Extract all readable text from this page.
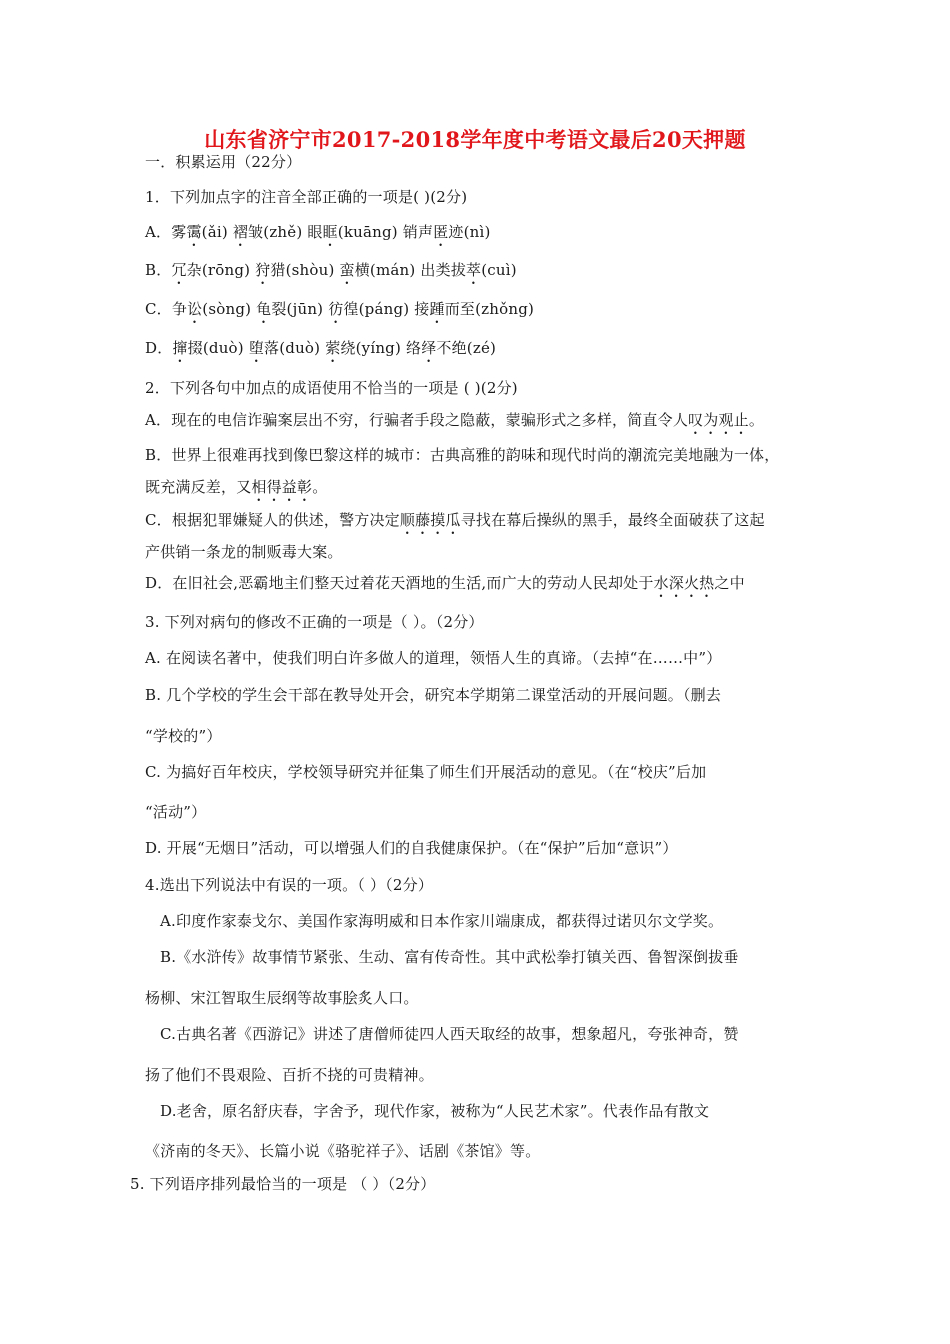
山东省济宁市2017-2018学年度中考语文最后20天押题
一．积累运用（22分）
1．下列加点字的注音全部正确的一项是( )(2分)
A．雾霭(ǎi) 褶皱(zhě) 眼眶(kuāng) 销声匿迹(nì)
B．冗杂(rōng) 狩猎(shòu) 蛮横(mán) 出类拔萃(cuì)
C．争讼(sòng) 龟裂(jūn) 彷徨(páng) 接踵而至(zhǒng)
D．撺掇(duò) 堕落(duò) 萦绕(yíng) 络绎不绝(zé)
2．下列各句中加点的成语使用不恰当的一项是 ( )(2分)
A．现在的电信诈骗案层出不穷，行骗者手段之隐蔽，蒙骗形式之多样，简直令人叹为观止。
B．世界上很难再找到像巴黎这样的城市：古典高雅的韵味和现代时尚的潮流完美地融为一体，
既充满反差，又相得益彰。
C．根据犯罪嫌疑人的供述，警方决定顺藤摸瓜寻找在幕后操纵的黑手，最终全面破获了这起
产供销一条龙的制贩毒大案。
D．在旧社会,恶霸地主们整天过着花天酒地的生活,而广大的劳动人民却处于水深火热之中
3. 下列对病句的修改不正确的一项是（ ）。（2分）
A. 在阅读名著中，使我们明白许多做人的道理，领悟人生的真谛。（去掉“在……中”）
B. 几个学校的学生会干部在教导处开会，研究本学期第二课堂活动的开展问题。（删去
“学校的”）
C. 为搞好百年校庆，学校领导研究并征集了师生们开展活动的意见。（在“校庆”后加
“活动”）
D. 开展“无烟日”活动，可以增强人们的自我健康保护。（在“保护”后加“意识”）
4.选出下列说法中有误的一项。（ ）（2分）
A.印度作家泰戈尔、美国作家海明威和日本作家川端康成，都获得过诺贝尔文学奖。
B.《水浒传》故事情节紧张、生动、富有传奇性。其中武松拳打镇关西、鲁智深倒拔垂
杨柳、宋江智取生辰纲等故事脍炙人口。
C.古典名著《西游记》讲述了唐僧师徒四人西天取经的故事，想象超凡，夸张神奇，赞
扬了他们不畏艰险、百折不挠的可贵精神。
D.老舍，原名舒庆春，字舍予，现代作家，被称为“人民艺术家”。代表作品有散文
《济南的冬天》、长篇小说《骆驼祥子》、话剧《茶馆》等。
5. 下列语序排列最恰当的一项是 （ ）（2分）
